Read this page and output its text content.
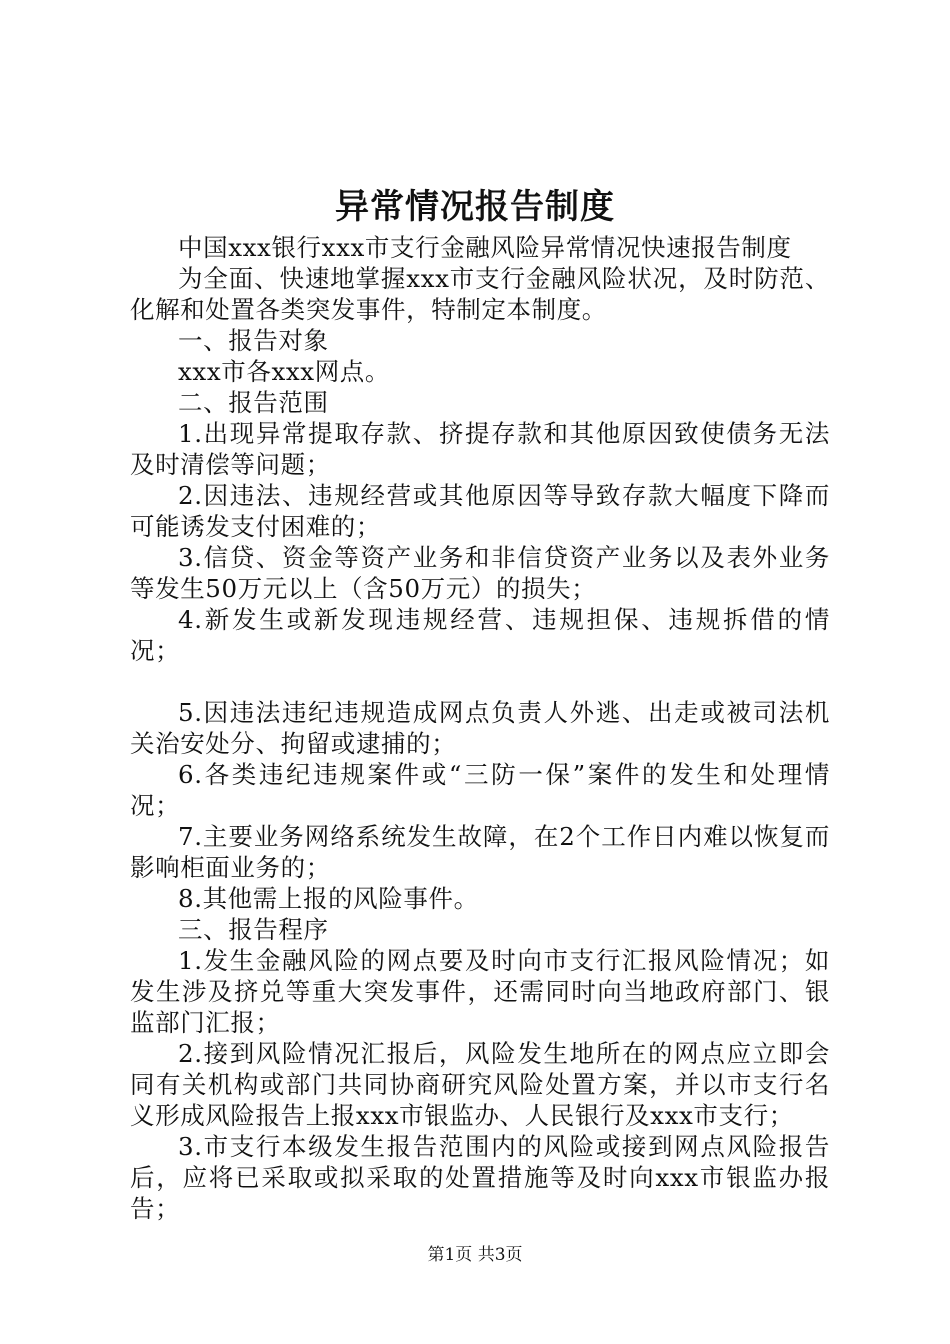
异常情况报告制度

中国xxx银行xxx市支行金融风险异常情况快速报告制度

为全面、快速地掌握xxx市支行金融风险状况，及时防范、化解和处置各类突发事件，特制定本制度。

一、报告对象

xxx市各xxx网点。

二、报告范围

1.出现异常提取存款、挤提存款和其他原因致使债务无法及时清偿等问题；

2.因违法、违规经营或其他原因等导致存款大幅度下降而可能诱发支付困难的；

3.信贷、资金等资产业务和非信贷资产业务以及表外业务等发生50万元以上（含50万元）的损失；

4.新发生或新发现违规经营、违规担保、违规拆借的情况；

5.因违法违纪违规造成网点负责人外逃、出走或被司法机关治安处分、拘留或逮捕的；

6.各类违纪违规案件或“三防一保”案件的发生和处理情况；

7.主要业务网络系统发生故障，在2个工作日内难以恢复而影响柜面业务的；

8.其他需上报的风险事件。

三、报告程序

1.发生金融风险的网点要及时向市支行汇报风险情况；如发生涉及挤兑等重大突发事件，还需同时向当地政府部门、银监部门汇报；

2.接到风险情况汇报后，风险发生地所在的网点应立即会同有关机构或部门共同协商研究风险处置方案，并以市支行名义形成风险报告上报xxx市银监办、人民银行及xxx市支行；

3.市支行本级发生报告范围内的风险或接到网点风险报告后，应将已采取或拟采取的处置措施等及时向xxx市银监办报告；

第1页 共3页
